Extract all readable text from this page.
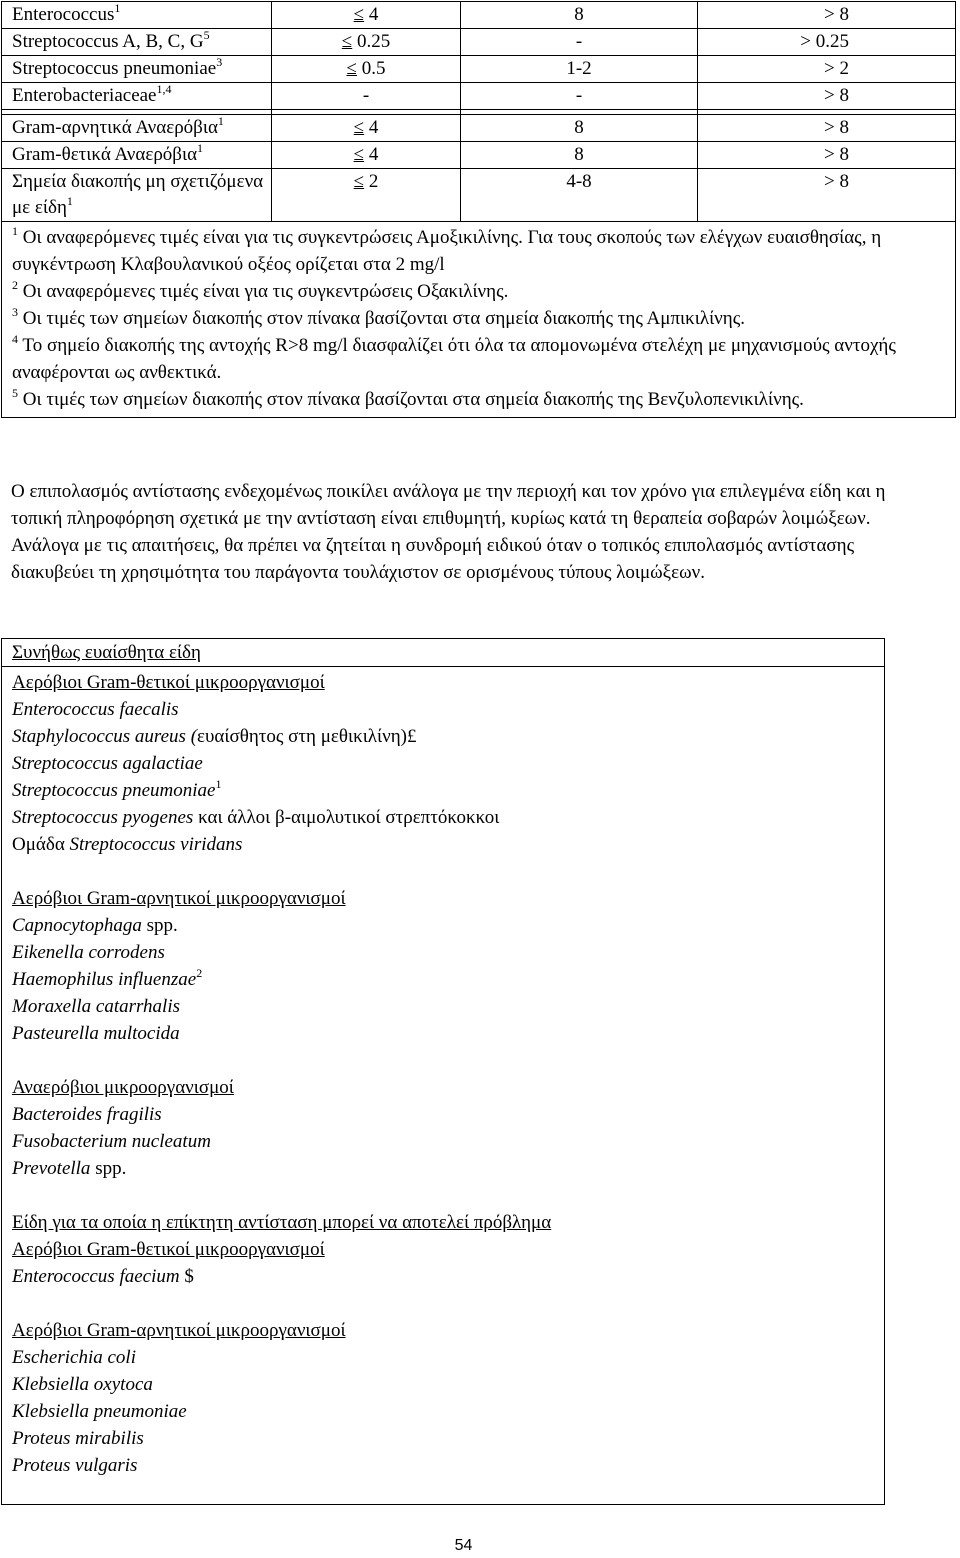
Enterococcus$^1$	≤ 4	8	> 8
Streptococcus A, B, C, $G^5$	≤ 0.25	-	> 0.25
Streptococcus pneumoniae$^3$	≤ 0.5	1-2	> 2
Enterobacteriaceae$^{1,4}$	-	-	> 8

Gram-αρνητικά Αναερόβια$^1$	≤ 4	8	> 8
Gram-θετικά Αναερόβια$^1$	≤ 4	8	> 8
Σημεία διακοπής μη σχετιζόμενα με είδη$^1$	≤ 2	4-8	> 8

$^1$ Οι αναφερόμενες τιμές είναι για τις συγκεντρώσεις Αμοξικιλίνης. Για τους σκοπούς των ελέγχων ευαισθησίας, η συγκέντρωση Κλαβουλανικού οξέος ορίζεται στα 2 mg/l
$^2$ Οι αναφερόμενες τιμές είναι για τις συγκεντρώσεις Οξακιλίνης.
$^3$ Οι τιμές των σημείων διακοπής στον πίνακα βασίζονται στα σημεία διακοπής της Αμπικιλίνης.
$^4$ Το σημείο διακοπής της αντοχής R>8 mg/l διασφαλίζει ότι όλα τα απομονωμένα στελέχη με μηχανισμούς αντοχής αναφέρονται ως ανθεκτικά.
$^5$ Οι τιμές των σημείων διακοπής στον πίνακα βασίζονται στα σημεία διακοπής της Βενζυλοπενικιλίνης.			

Ο επιπολασμός αντίστασης ενδεχομένως ποικίλει ανάλογα με την περιοχή και τον χρόνο για επιλεγμένα είδη και η τοπική πληροφόρηση σχετικά με την αντίσταση είναι επιθυμητή, κυρίως κατά τη θεραπεία σοβαρών λοιμώξεων. Ανάλογα με τις απαιτήσεις, θα πρέπει να ζητείται η συνδρομή ειδικού όταν ο τοπικός επιπολασμός αντίστασης διακυβεύει τη χρησιμότητα του παράγοντα τουλάχιστον σε ορισμένους τύπους λοιμώξεων.

Συνήθως ευαίσθητα είδη
Αερόβιοι Gram-θετικοί μικροοργανισμοί
Enterococcus faecalis
Staphylococcus aureus (ευαίσθητος στη μεθικιλίνη)£
Streptococcus agalactiae
Streptococcus pneumoniae$^1$
Streptococcus pyogenes και άλλοι β-αιμολυτικοί στρεπτόκοκκοι
Ομάδα Streptococcus viridans
Αερόβιοι Gram-αρνητικοί μικροοργανισμοί
Capnocytophaga spp.
Eikenella corrodens
Haemophilus influenzae$^2$
Moraxella catarrhalis
Pasteurella multocida
Αναερόβιοι μικροοργανισμοί
Bacteroides fragilis
Fusobacterium nucleatum
Prevotella spp.
Είδη για τα οποία η επίκτητη αντίσταση μπορεί να αποτελεί πρόβλημα
Αερόβιοι Gram-θετικοί μικροοργανισμοί
Enterococcus faecium $
Αερόβιοι Gram-αρνητικοί μικροοργανισμοί
Escherichia coli
Klebsiella oxytoca
Klebsiella pneumoniae
Proteus mirabilis
Proteus vulgaris
54
